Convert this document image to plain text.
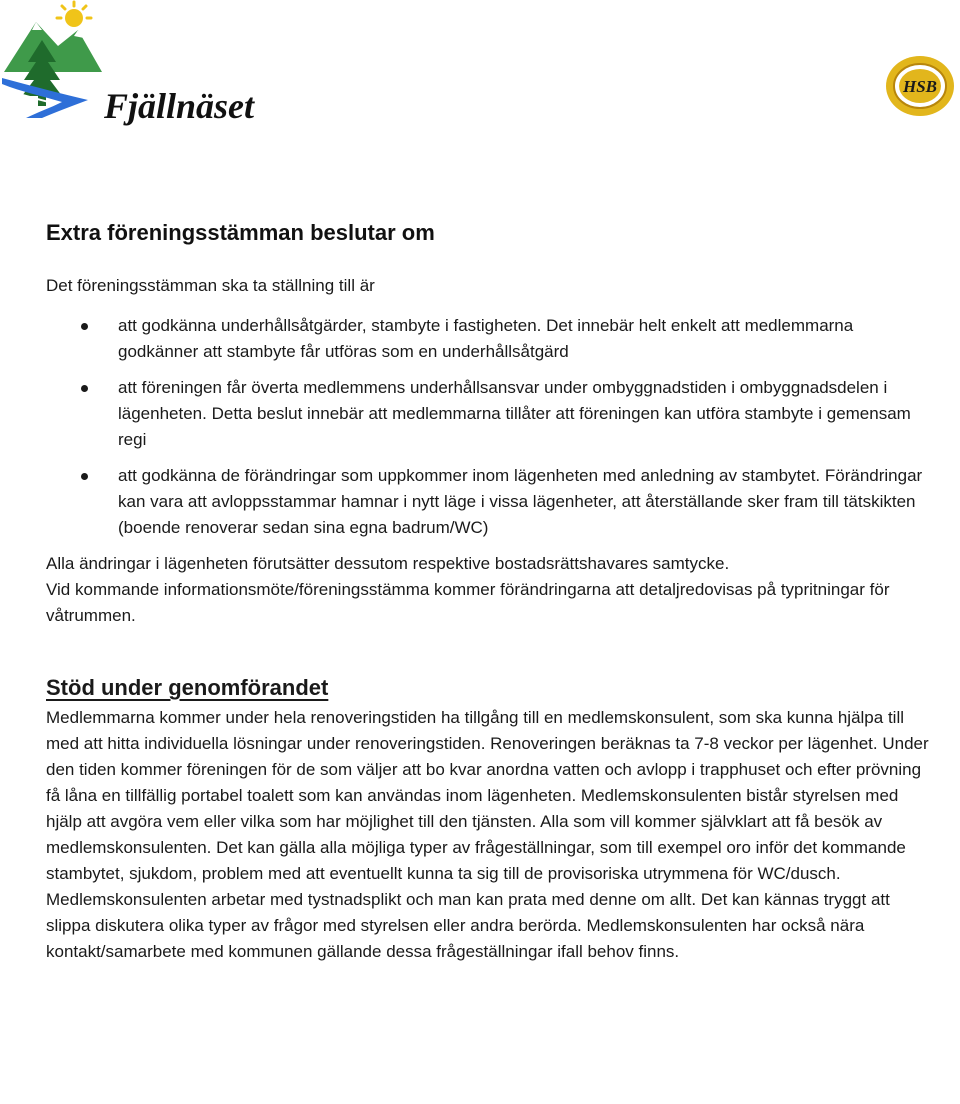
Fjällnäset	HSB
Extra föreningsstämman beslutar om
Det föreningsstämman ska ta ställning till är
att godkänna underhållsåtgärder, stambyte i fastigheten. Det innebär helt enkelt att medlemmarna godkänner att stambyte får utföras som en underhållsåtgärd
att föreningen får överta medlemmens underhållsansvar under ombyggnadstiden i ombyggnadsdelen i lägenheten. Detta beslut innebär att medlemmarna tillåter att föreningen kan utföra stambyte i gemensam regi
att godkänna de förändringar som uppkommer inom lägenheten med anledning av stambytet. Förändringar kan vara att avloppsstammar hamnar i nytt läge i vissa lägenheter, att återställande sker fram till tätskikten (boende renoverar sedan sina egna badrum/WC)

Alla ändringar i lägenheten förutsätter dessutom respektive bostadsrättshavares samtycke.

Vid kommande informationsmöte/föreningsstämma kommer förändringarna att detaljredovisas på typritningar för våtrummen.

Stöd under genomförandet

Medlemmarna kommer under hela renoveringstiden ha tillgång till en medlemskonsulent, som ska kunna hjälpa till med att hitta individuella lösningar under renoveringstiden. Renoveringen beräknas ta 7-8 veckor per lägenhet. Under den tiden kommer föreningen för de som väljer att bo kvar anordna vatten och avlopp i trapphuset och efter prövning få låna en tillfällig portabel toalett som kan användas inom lägenheten. Medlemskonsulenten bistår styrelsen med hjälp att avgöra vem eller vilka som har möjlighet till den tjänsten. Alla som vill kommer självklart att få besök av medlemskonsulenten. Det kan gälla alla möjliga typer av frågeställningar, som till exempel oro inför det kommande stambytet, sjukdom, problem med att eventuellt kunna ta sig till de provisoriska utrymmena för WC/dusch. Medlemskonsulenten arbetar med tystnadsplikt och man kan prata med denne om allt. Det kan kännas tryggt att slippa diskutera olika typer av frågor med styrelsen eller andra berörda. Medlemskonsulenten har också nära kontakt/samarbete med kommunen gällande dessa frågeställningar ifall behov finns.
